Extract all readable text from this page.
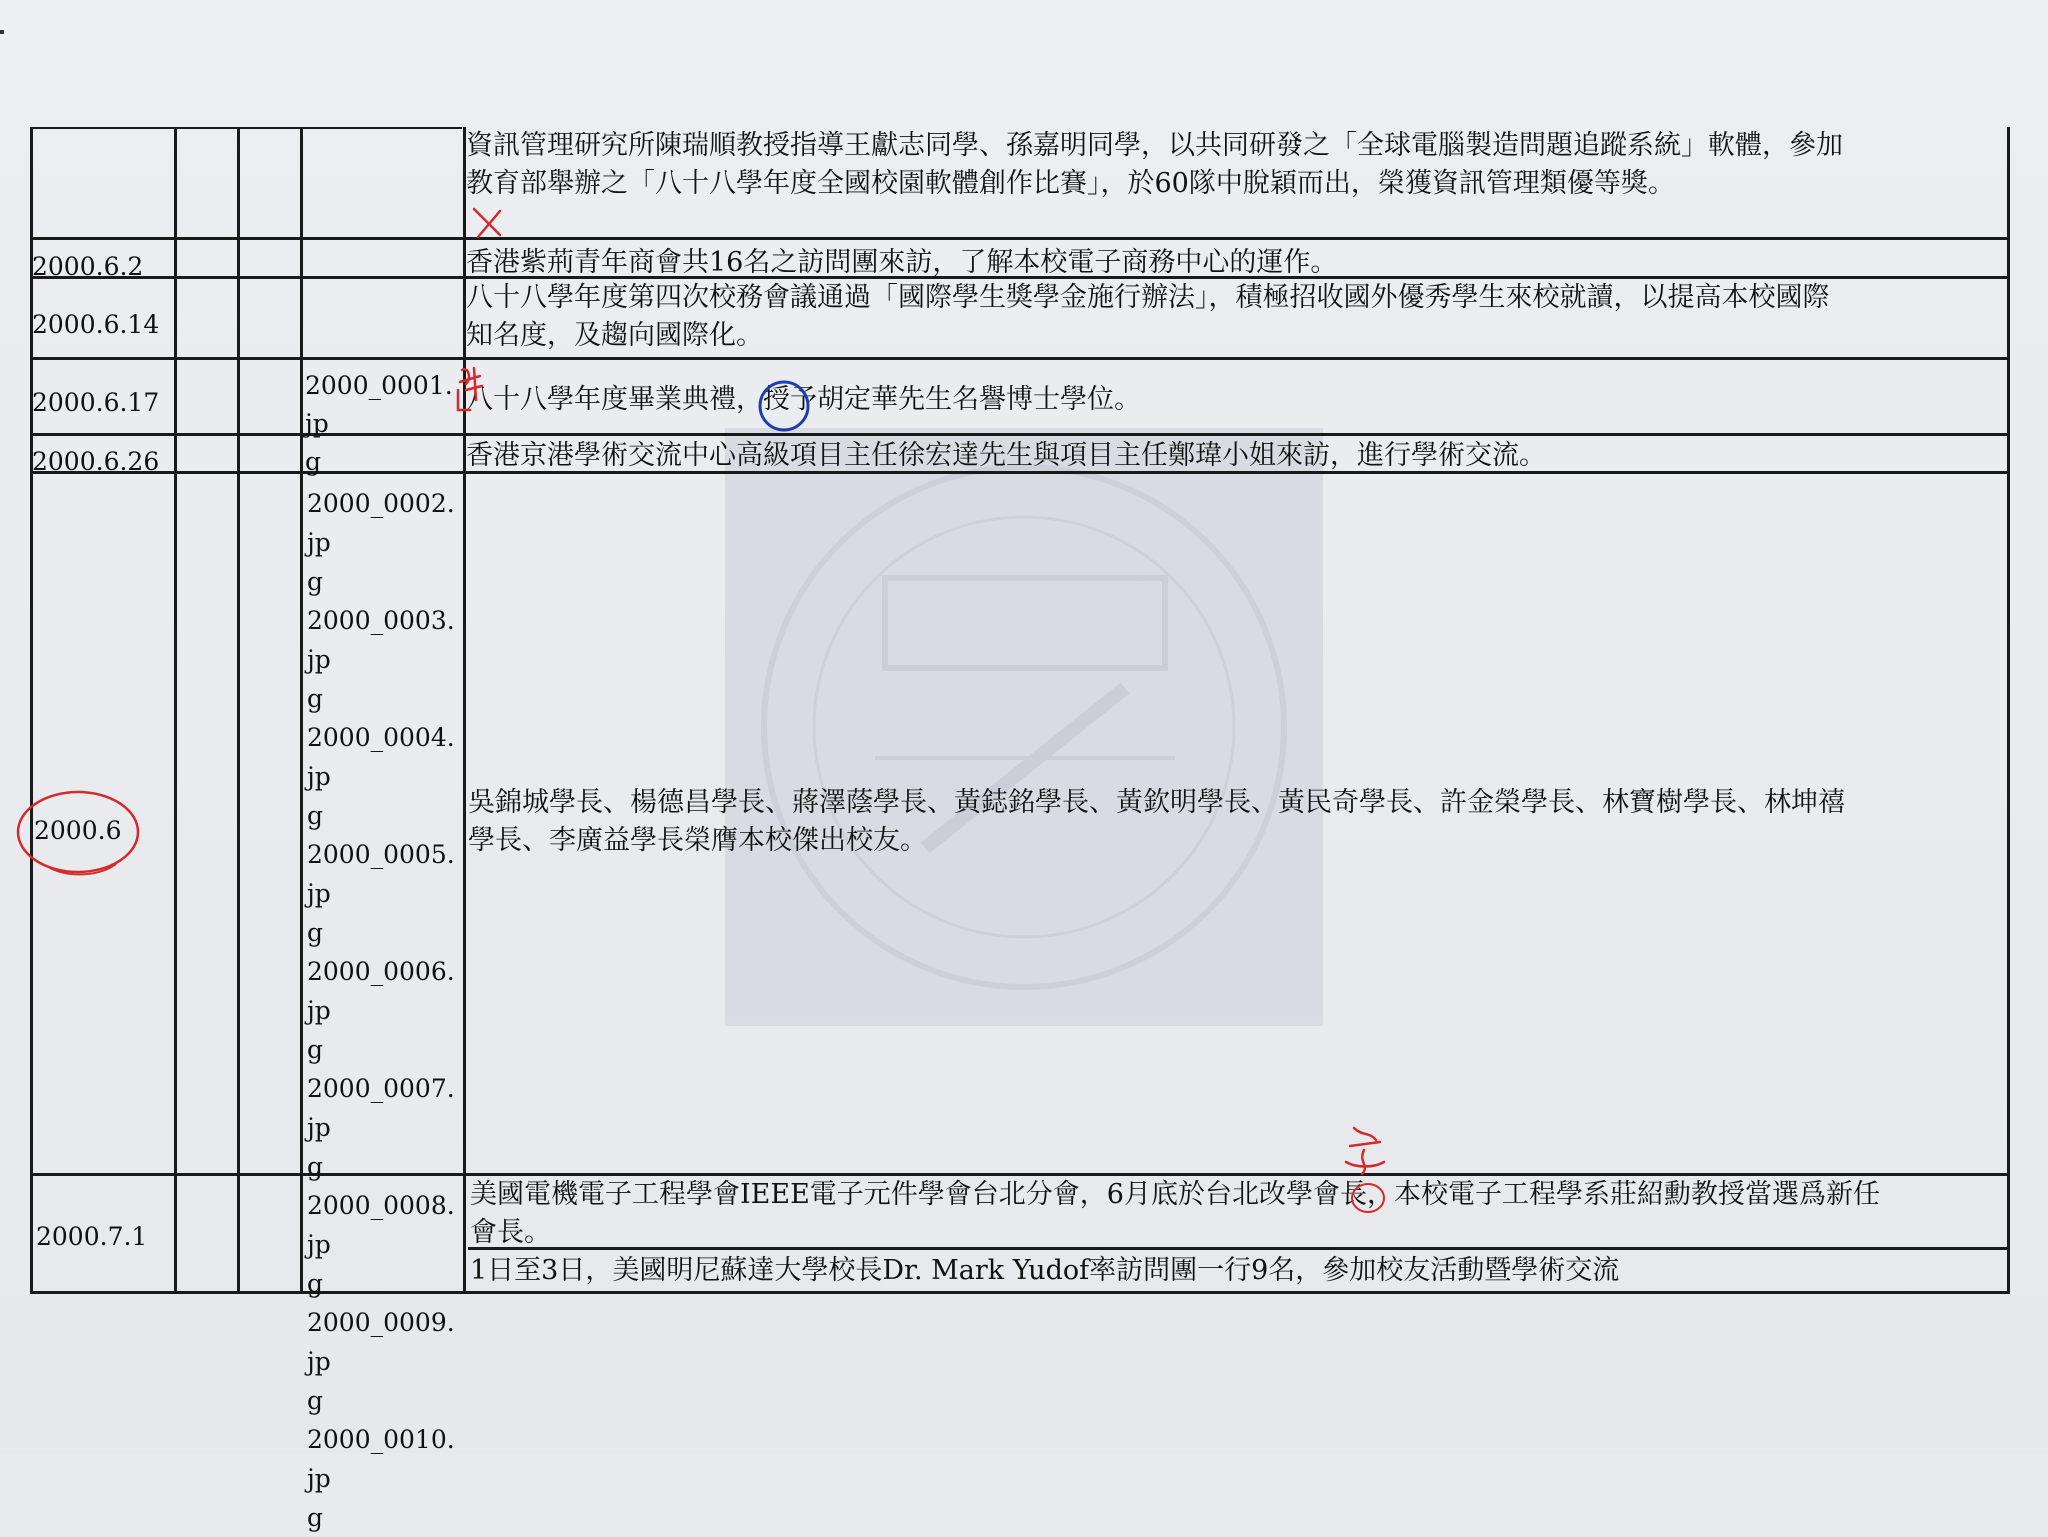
資訊管理研究所陳瑞順教授指導王獻志同學、孫嘉明同學，以共同研發之「全球電腦製造問題追蹤系統」軟體，參加
教育部舉辦之「八十八學年度全國校園軟體創作比賽」，於60隊中脫穎而出，榮獲資訊管理類優等獎。
2000.6.2	香港紫荊青年商會共16名之訪問團來訪，了解本校電子商務中心的運作。
2000.6.14
八十八學年度第四次校務會議通過「國際學生獎學金施行辦法」，積極招收國外優秀學生來校就讀，以提高本校國際
知名度，及趨向國際化。
2000.6.17
2000_0001.jp
g
八十八學年度畢業典禮，授予胡定華先生名譽博士學位。
2000.6.26	香港京港學術交流中心高級項目主任徐宏達先生與項目主任鄭瑋小姐來訪，進行學術交流。
2000.6
2000_0002.jp
g
2000_0003.jp
g
2000_0004.jp
g
2000_0005.jp
g
2000_0006.jp
g
2000_0007.jp
g
2000_0008.jp
g
2000_0009.jp
g
2000_0010.jp
g
吳錦城學長、楊德昌學長、蔣澤蔭學長、黃鋕銘學長、黃欽明學長、黃民奇學長、許金榮學長、林寶樹學長、林坤禧
學長、李廣益學長榮膺本校傑出校友。
2000.7.1
美國電機電子工程學會IEEE電子元件學會台北分會，6月底於台北改學會長，本校電子工程學系莊紹勳教授當選爲新任
會長。
1日至3日，美國明尼蘇達大學校長Dr. Mark Yudof率訪問團一行9名，參加校友活動暨學術交流
